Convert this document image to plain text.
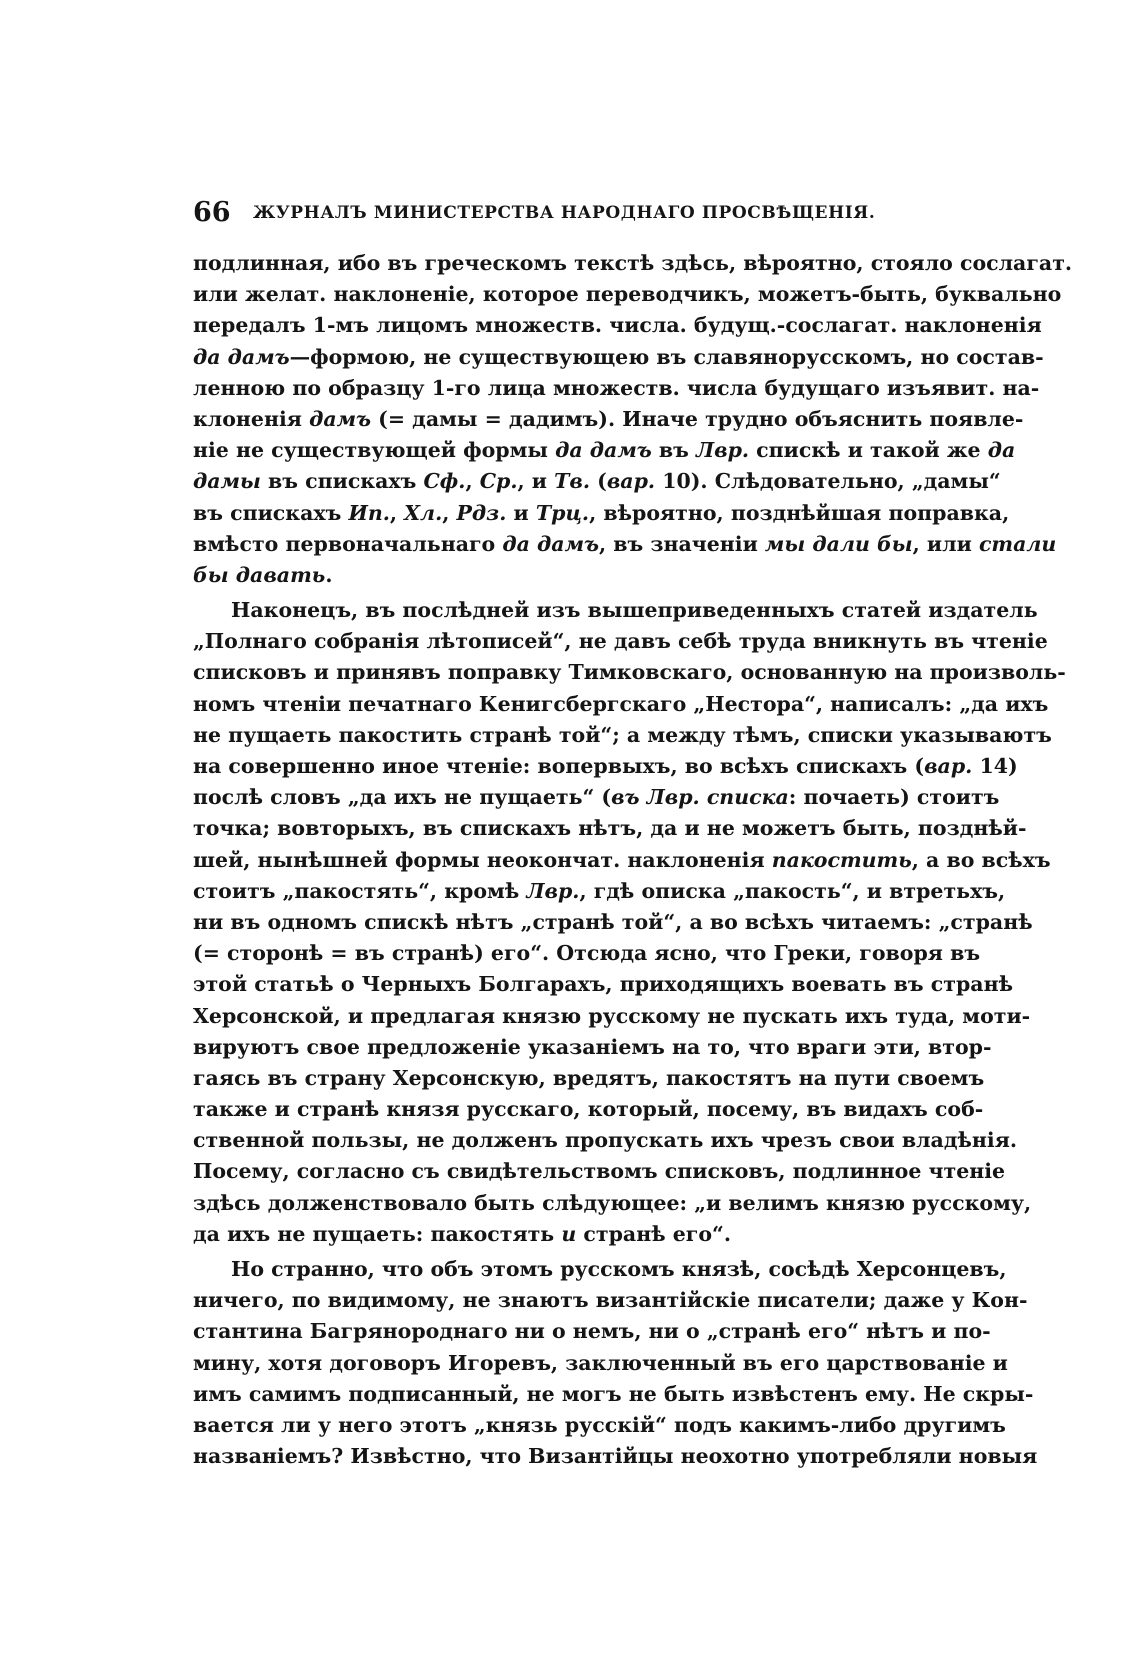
66 ЖУРНАЛЪ МИНИСТЕРСТВА НАРОДНАГО ПРОСВѢЩЕНІЯ.
подлинная, ибо въ греческомъ текстѣ здѣсь, вѣроятно, стояло сослагат.
или желат. наклоненіе, которое переводчикъ, можетъ-быть, буквально
передалъ 1-мъ лицомъ множеств. числа. будущ.-сослагат. наклоненія
да дамъ—формою, не существующею въ славянорусскомъ, но состав-
ленною по образцу 1-го лица множеств. числа будущаго изъявит. на-
клоненія дамъ (= дамы = дадимъ). Иначе трудно объяснить появле-
ніе не существующей формы да дамъ въ Лвр. спискѣ и такой же да
дамы въ спискахъ Сф., Ср., и Тв. (вар. 10). Слѣдовательно, „дамы“
въ спискахъ Ип., Хл., Рдз. и Трц., вѣроятно, позднѣйшая поправка,
вмѣсто первоначальнаго да дамъ, въ значеніи мы дали бы, или стали
бы давать.
Наконецъ, въ послѣдней изъ вышеприведенныхъ статей издатель
„Полнаго собранія лѣтописей“, не давъ себѣ труда вникнуть въ чтеніе
списковъ и принявъ поправку Тимковскаго, основанную на произволь-
номъ чтеніи печатнаго Кенигсбергскаго „Нестора“, написалъ: „да ихъ
не пущаеть пакостить странѣ той“; а между тѣмъ, списки указываютъ
на совершенно иное чтеніе: вопервыхъ, во всѣхъ спискахъ (вар. 14)
послѣ словъ „да ихъ не пущаеть“ (въ Лвр. списка: почаеть) стоитъ
точка; вовторыхъ, въ спискахъ нѣтъ, да и не можетъ быть, позднѣй-
шей, нынѣшней формы неокончат. наклоненія пакостить, а во всѣхъ
стоитъ „пакостять“, кромѣ Лвр., гдѣ описка „пакость“, и втретьхъ,
ни въ одномъ спискѣ нѣтъ „странѣ той“, а во всѣхъ читаемъ: „странѣ
(= сторонѣ = въ странѣ) его“. Отсюда ясно, что Греки, говоря въ
этой статьѣ о Черныхъ Болгарахъ, приходящихъ воевать въ странѣ
Херсонской, и предлагая князю русскому не пускать ихъ туда, моти-
вируютъ свое предложеніе указаніемъ на то, что враги эти, втор-
гаясь въ страну Херсонскую, вредятъ, пакостятъ на пути своемъ
также и странѣ князя русскаго, который, посему, въ видахъ соб-
ственной пользы, не долженъ пропускать ихъ чрезъ свои владѣнія.
Посему, согласно съ свидѣтельствомъ списковъ, подлинное чтеніе
здѣсь долженствовало быть слѣдующее: „и велимъ князю русскому,
да ихъ не пущаеть: пакостять и странѣ его“.
Но странно, что объ этомъ русскомъ князѣ, сосѣдѣ Херсонцевъ,
ничего, по видимому, не знаютъ византійскіе писатели; даже у Кон-
стантина Багрянороднаго ни о немъ, ни о „странѣ его“ нѣтъ и по-
мину, хотя договоръ Игоревъ, заключенный въ его царствованіе и
имъ самимъ подписанный, не могъ не быть извѣстенъ ему. Не скры-
вается ли у него этотъ „князь русскій“ подъ какимъ-либо другимъ
названіемъ? Извѣстно, что Византійцы неохотно употребляли новыя
